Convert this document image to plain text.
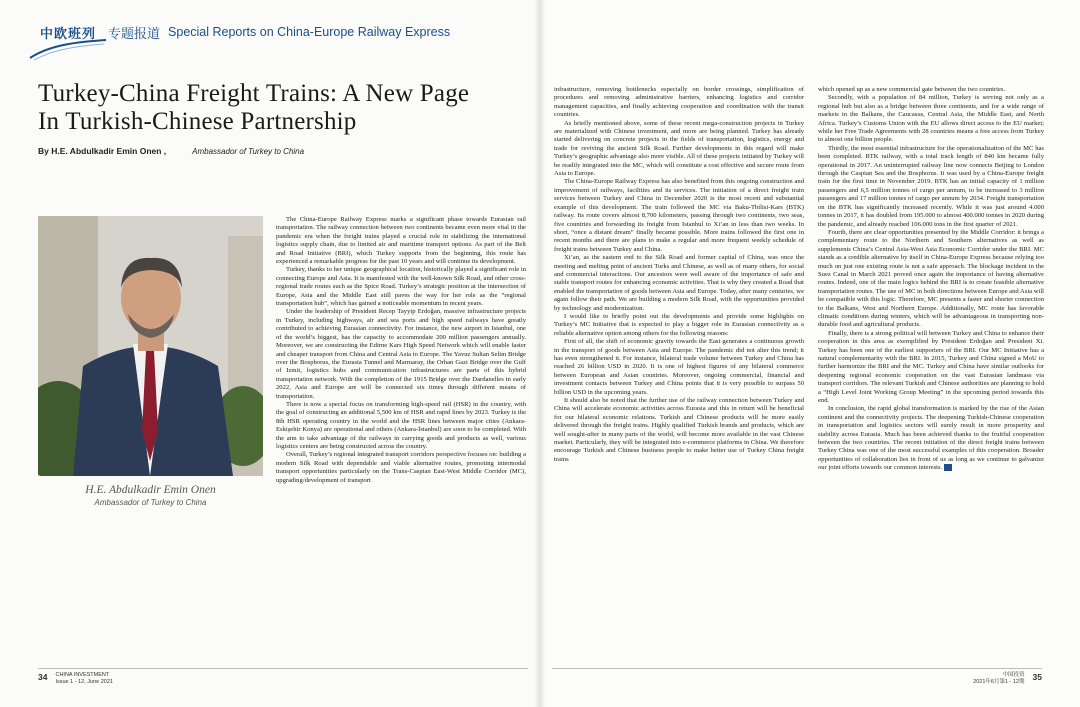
中欧班列 专题报道 Special Reports on China-Europe Railway Express
Turkey-China Freight Trains: A New Page
In Turkish-Chinese Partnership
By H.E. Abdulkadir Emin Onen ,	Ambassador of Turkey to China
H.E. Abdulkadir Emin Onen
Ambassador of Turkey to China

The China-Europe Railway Express marks a significant phase towards Eurasian rail transportation. The railway connection between two continents became even more vital in the pandemic era when the freight trains played a crucial role in stabilizing the international logistics supply chain, due to limited air and maritime transport options. As part of the Belt and Road Initiative (BRI), which Turkey supports from the beginning, this route has experienced a remarkable progress for the past 10 years and will continue its development.

Turkey, thanks to her unique geographical location, historically played a significant role in connecting Europe and Asia. It is manifested with the well-known Silk Road, and other cross-regional trade routes such as the Spice Road. Turkey’s strategic position at the intersection of Europe, Asia and the Middle East still paves the way for her role as the “regional transportation hub”, which has gained a noticeable momentum in recent years.

Under the leadership of President Recep Tayyip Erdoğan, massive infrastructure projects in Turkey, including highways, air and sea ports and high speed railways have greatly contributed to achieving Eurasian connectivity. For instance, the new airport in Istanbul, one of the world’s biggest, has the capacity to accommodate 200 million passengers annually. Moreover, we are constructing the Edirne Kars High Speed Network which will enable faster and cheaper transport from China and Central Asia to Europe. The Yavuz Sultan Selim Bridge over the Bosphorus, the Eurasia Tunnel and Marmaray, the Orhan Gazi Bridge over the Gulf of Izmit, logistics hubs and communication infrastructures are parts of this hybrid transportation network. With the completion of the 1915 Bridge over the Dardanelles in early 2022, Asia and Europe are will be connected six times through different means of transportation.

There is now a special focus on transforming high-speed rail (HSR) in the country, with the goal of constructing an additional 5,500 km of HSR and rapid lines by 2023. Turkey is the 8th HSR operating country in the world and the HSR lines between major cities (Ankara-Eskişehir Konya) are operational and others (Ankara-İstanbul) are soon to be completed. With the aim to take advantage of the railways in carrying goods and products as well, various logistics centers are being constructed across the country.

Overall, Turkey’s regional integrated transport corridors perspective focuses on: building a modern Silk Road with dependable and viable alternative routes, promoting intermodal transport opportunities particularly on the Trans-Caspian East-West Middle Corridor (MC), upgrading/development of transport

infrastructure, removing bottlenecks especially on border crossings, simplification of procedures and removing administrative barriers, enhancing logistics and corridor management capacities, and finally achieving cooperation and coordination with the transit countries.

As briefly mentioned above, some of these recent mega-construction projects in Turkey are materialized with Chinese investment, and more are being planned. Turkey has already started delivering on concrete projects in the fields of transportation, logistics, energy and trade for reviving the ancient Silk Road. Further developments in this regard will make Turkey’s geographic advantage also more visible. All of these projects initiated by Turkey will be readily integrated into the MC, which will constitute a cost effective and secure route from Asia to Europe.

The China-Europe Railway Express has also benefited from this ongoing construction and improvement of railways, facilities and its services. The initiation of a direct freight train services between Turkey and China in December 2020 is the most recent and substantial example of this development. The train followed the MC via Baku-Tbilisi-Kars (BTK) railway. Its route covers almost 8,700 kilometers, passing through two continents, two seas, five countries and forwarding its freight from Istanbul to Xi’an in less than two weeks. In short, “once a distant dream” finally became possible. More trains followed the first one in recent months and there are plans to make a regular and more frequent weekly schedule of freight trains between Turkey and China.

Xi’an, as the eastern end to the Silk Road and former capital of China, was once the meeting and melting point of ancient Turks and Chinese, as well as of many others, for social and commercial interactions. Our ancestors were well aware of the importance of safe and stable transport routes for enhancing economic activities. That is why they created a Road that enabled the transportation of goods between Asia and Europe. Today, after many centuries, we again follow their path. We are building a modern Silk Road, with the opportunities provided by technology and modernization.

I would like to briefly point out the developments and provide some highlights on Turkey’s MC Initiative that is expected to play a bigger role in Eurasian connectivity as a reliable alternative option among others for the following reasons:

First of all, the shift of economic gravity towards the East generates a continuous growth in the transport of goods between Asia and Europe. The pandemic did not alter this trend; it has even strengthened it. For instance, bilateral trade volume between Turkey and China has reached 26 billion USD in 2020. It is one of highest figures of any bilateral commerce between European and Asian countries. Moreover, ongoing commercial, financial and investment contacts between Turkey and China points that it is very possible to surpass 50 billion USD in the upcoming years.

It should also be noted that the further use of the railway connection between Turkey and China will accelerate economic activities across Eurasia and this in return will be beneficial for our bilateral economic relations. Turkish and Chinese products will be more easily delivered through the freight trains. Highly qualified Turkish brands and products, which are well sought-after in many parts of the world, will become more available in the vast Chinese market. Particularly, they will be integrated into e-commerce platforms in China. We therefore encourage Turkish and Chinese business people to make better use of Turkey China freight trains

which opened up as a new commercial gate between the two countries.

Secondly, with a population of 84 million, Turkey is serving not only as a regional hub but also as a bridge between three continents, and for a wide range of markets in the Balkans, the Caucasus, Central Asia, the Middle East, and North Africa. Turkey’s Customs Union with the EU allows direct access to the EU market; while her Free Trade Agreements with 28 countries means a free access from Turkey to almost one billion people.

Thirdly, the most essential infrastructure for the operationalization of the MC has been completed. BTK railway, with a total track length of 840 km became fully operational in 2017. An uninterrupted railway line now connects Beijing to London through the Caspian Sea and the Bosphorus. It was used by a China-Europe freight train for the first time in November 2019. BTK has an initial capacity of 1 million passengers and 6,5 million tonnes of cargo per annum, to be increased to 3 million passengers and 17 million tonnes of cargo per annum by 2034. Freight transportation on the BTK has significantly increased recently. While it was just around 4.000 tonnes in 2017, it has doubled from 195.000 to almost 400.000 tonnes in 2020 during the pandemic, and already reached 106.000 tons in the first quarter of 2021.

Fourth, there are clear opportunities presented by the Middle Corridor: it brings a complementary route to the Northern and Southern alternatives as well as supplements China’s Central Asia-West Asia Economic Corridor under the BRI. MC stands as a credible alternative by itself in China-Europe Express because relying too much on just one existing route is not a safe approach. The blockage incident in the Suez Canal in March 2021 proved once again the importance of having alternative routes. Indeed, one of the main logics behind the BRI is to create feasible alternative transportation routes. The use of MC in both directions between Europe and Asia will be compatible with this logic. Therefore, MC presents a faster and shorter connection to the Balkans, West and Northern Europe. Additionally, MC route has favorable climatic conditions during winters, which will be advantageous in transporting non-durable food and agricultural products.

Finally, there is a strong political will between Turkey and China to enhance their cooperation in this area as exemplified by President Erdoğan and President Xi. Turkey has been one of the earliest supporters of the BRI. Our MC Initiative has a natural complementarity with the BRI. In 2015, Turkey and China signed a MoU to further harmonize the BRI and the MC. Turkey and China have similar outlooks for deepening regional economic cooperation on the vast Eurasian landmass via transport corridors. The relevant Turkish and Chinese authorities are planning to hold a “High Level Joint Working Group Meeting” in the upcoming period towards this end.

In conclusion, the rapid global transformation is marked by the rise of the Asian continent and the connectivity projects. The deepening Turkish-Chinese cooperation in transportation and logistics sectors will surely result in more prosperity and stability across Eurasia. Much has been achieved thanks to the fruitful cooperation between the two countries. The recent initiation of the direct freight trains between Turkey China was one of the most successful examples of this cooperation. Broader opportunities of collaboration lies in front of us as long as we continue to galvanize our joint efforts towards our common interests. ■

34 CHINA INVESTMENT
Issue 1 - 12, June 2021
中国投资
2021年6月第1 - 12期 35
